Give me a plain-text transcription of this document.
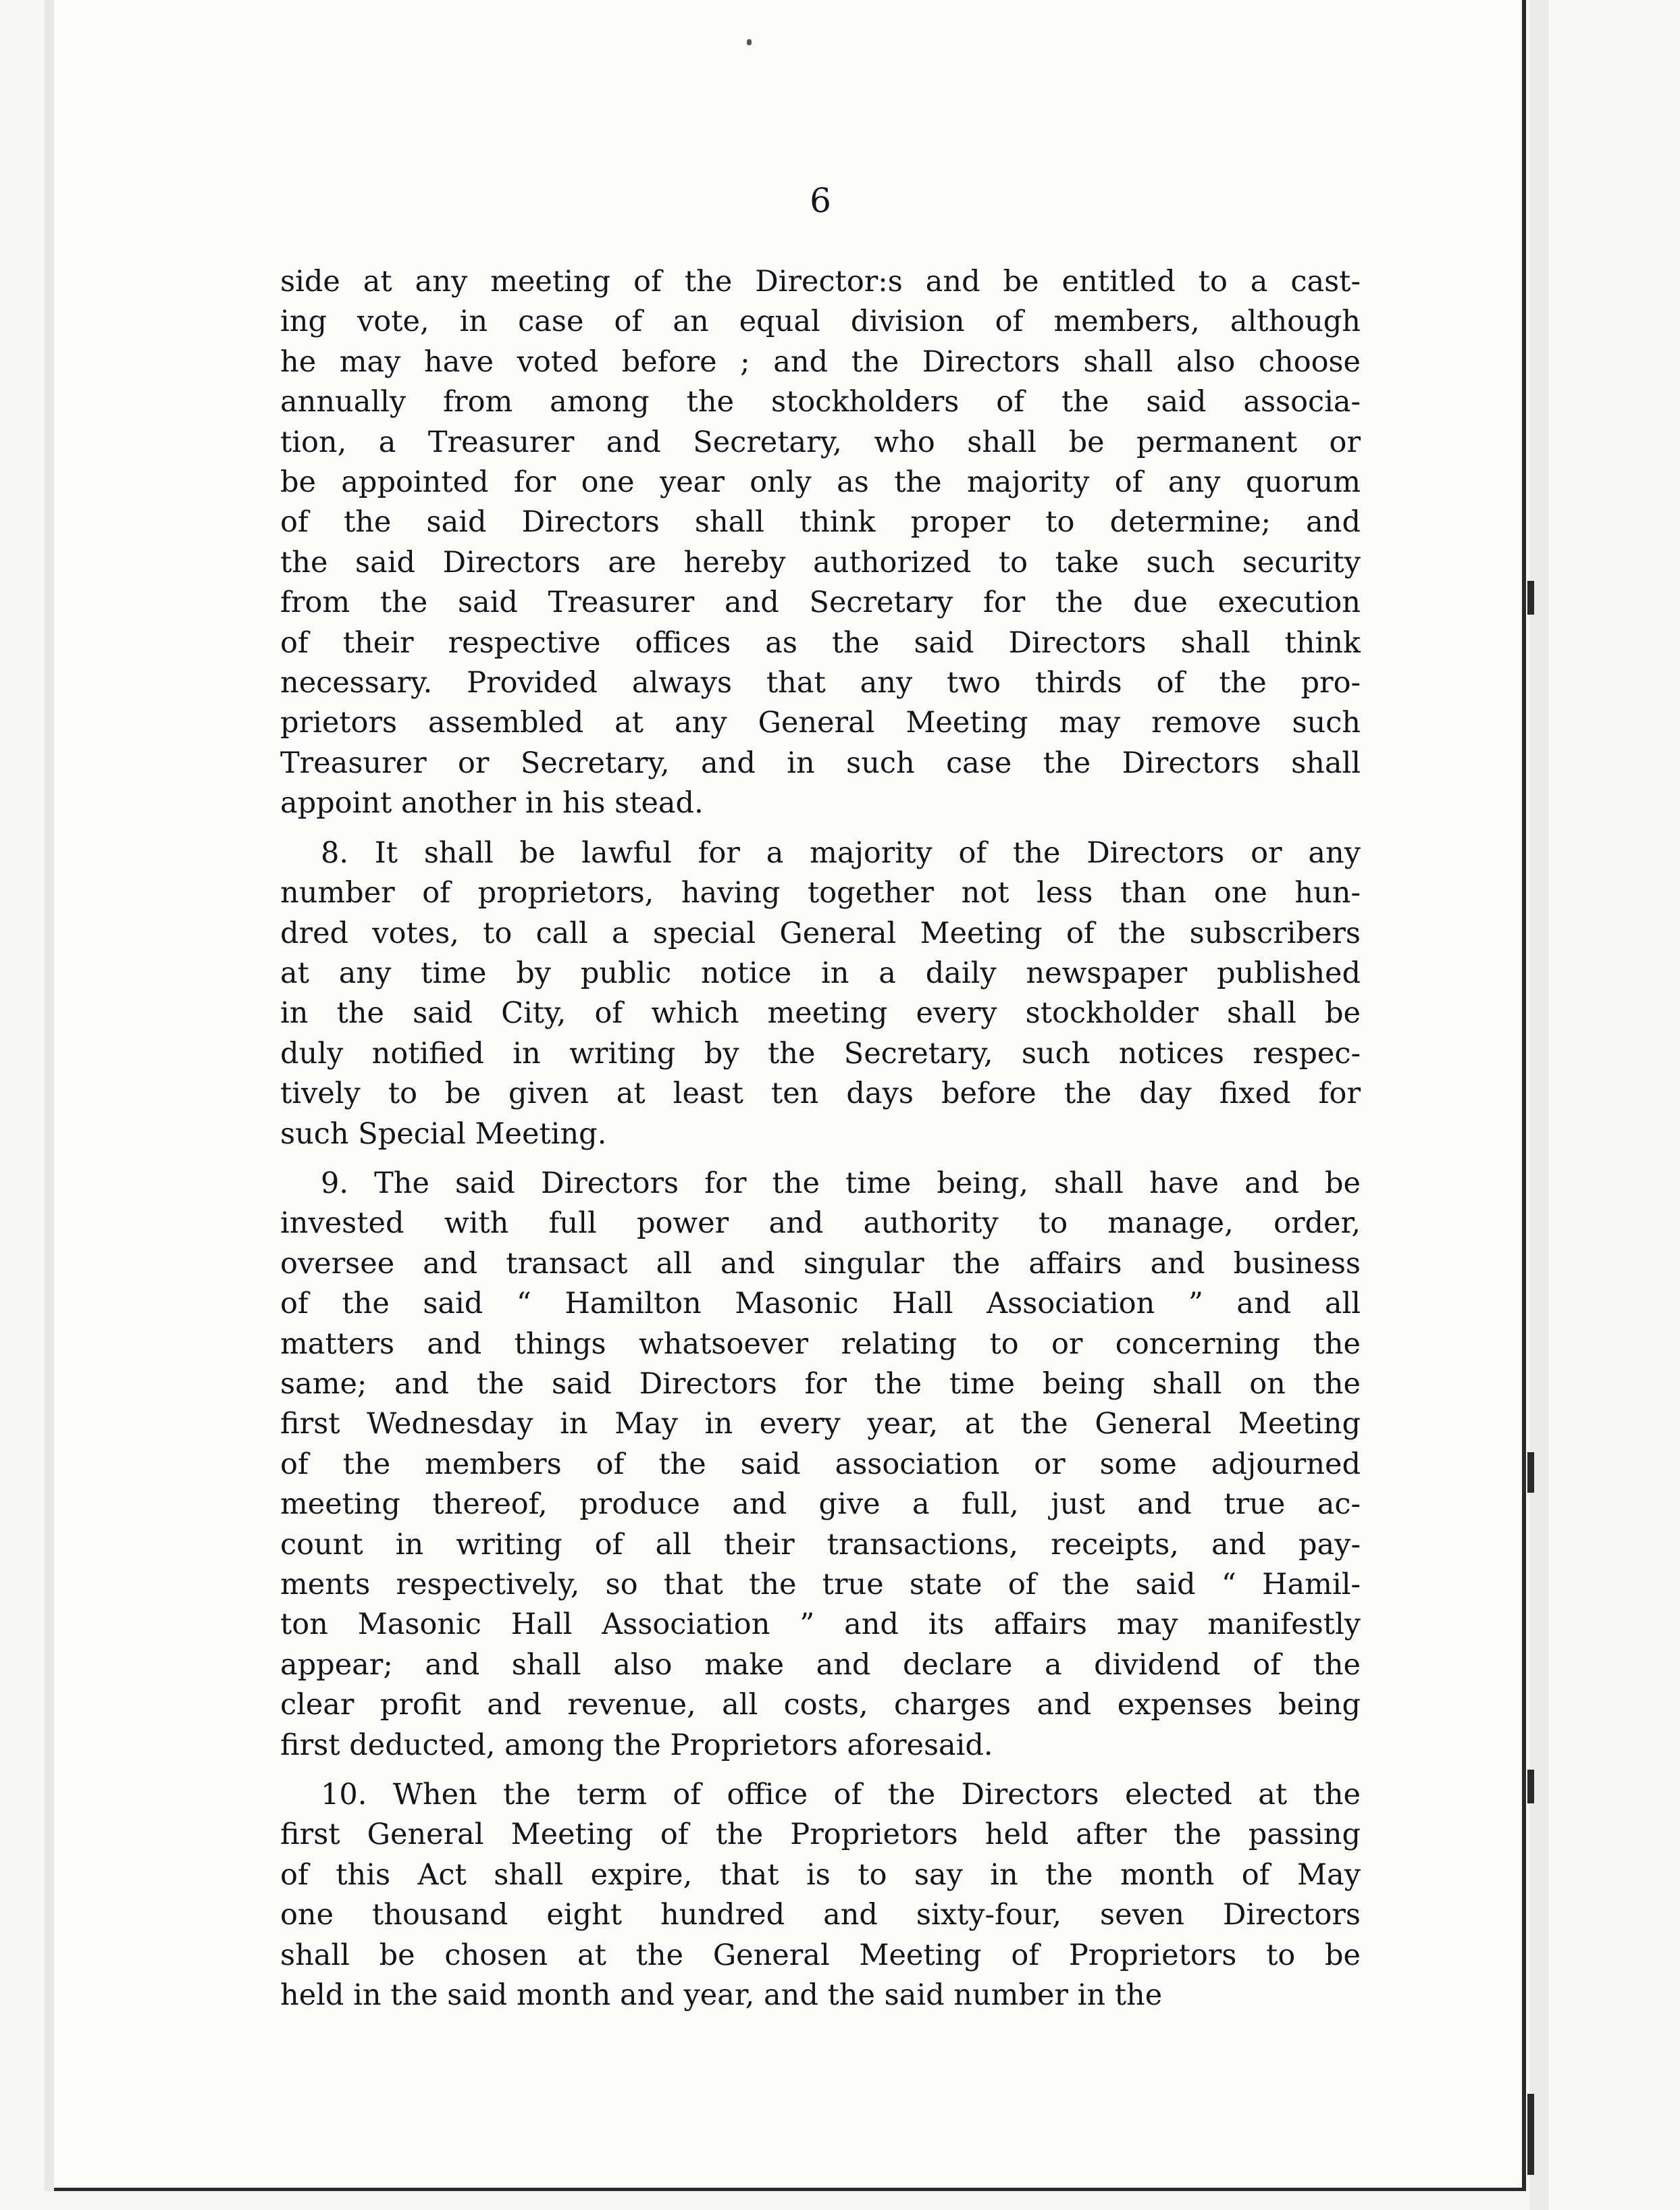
6

side at any meeting of the Director:s and be entitled to a cast-
ing vote, in case of an equal division of members, although
he may have voted before ; and the Directors shall also choose
annually from among the stockholders of the said associa-
tion, a Treasurer and Secretary, who shall be permanent or
be appointed for one year only as the majority of any quorum
of the said Directors shall think proper to determine; and
the said Directors are hereby authorized to take such security
from the said Treasurer and Secretary for the due execution
of their respective offices as the said Directors shall think
necessary. Provided always that any two thirds of the pro-
prietors assembled at any General Meeting may remove such
Treasurer or Secretary, and in such case the Directors shall
appoint another in his stead.
8. It shall be lawful for a majority of the Directors or any
number of proprietors, having together not less than one hun-
dred votes, to call a special General Meeting of the subscribers
at any time by public notice in a daily newspaper published
in the said City, of which meeting every stockholder shall be
duly notified in writing by the Secretary, such notices respec-
tively to be given at least ten days before the day fixed for
such Special Meeting.
9. The said Directors for the time being, shall have and be
invested with full power and authority to manage, order,
oversee and transact all and singular the affairs and business
of the said “ Hamilton Masonic Hall Association ” and all
matters and things whatsoever relating to or concerning the
same; and the said Directors for the time being shall on the
first Wednesday in May in every year, at the General Meeting
of the members of the said association or some adjourned
meeting thereof, produce and give a full, just and true ac-
count in writing of all their transactions, receipts, and pay-
ments respectively, so that the true state of the said “ Hamil-
ton Masonic Hall Association ” and its affairs may manifestly
appear; and shall also make and declare a dividend of the
clear profit and revenue, all costs, charges and expenses being
first deducted, among the Proprietors aforesaid.
10. When the term of office of the Directors elected at the
first General Meeting of the Proprietors held after the passing
of this Act shall expire, that is to say in the month of May
one thousand eight hundred and sixty-four, seven Directors
shall be chosen at the General Meeting of Proprietors to be
held in the said month and year, and the said number in the
